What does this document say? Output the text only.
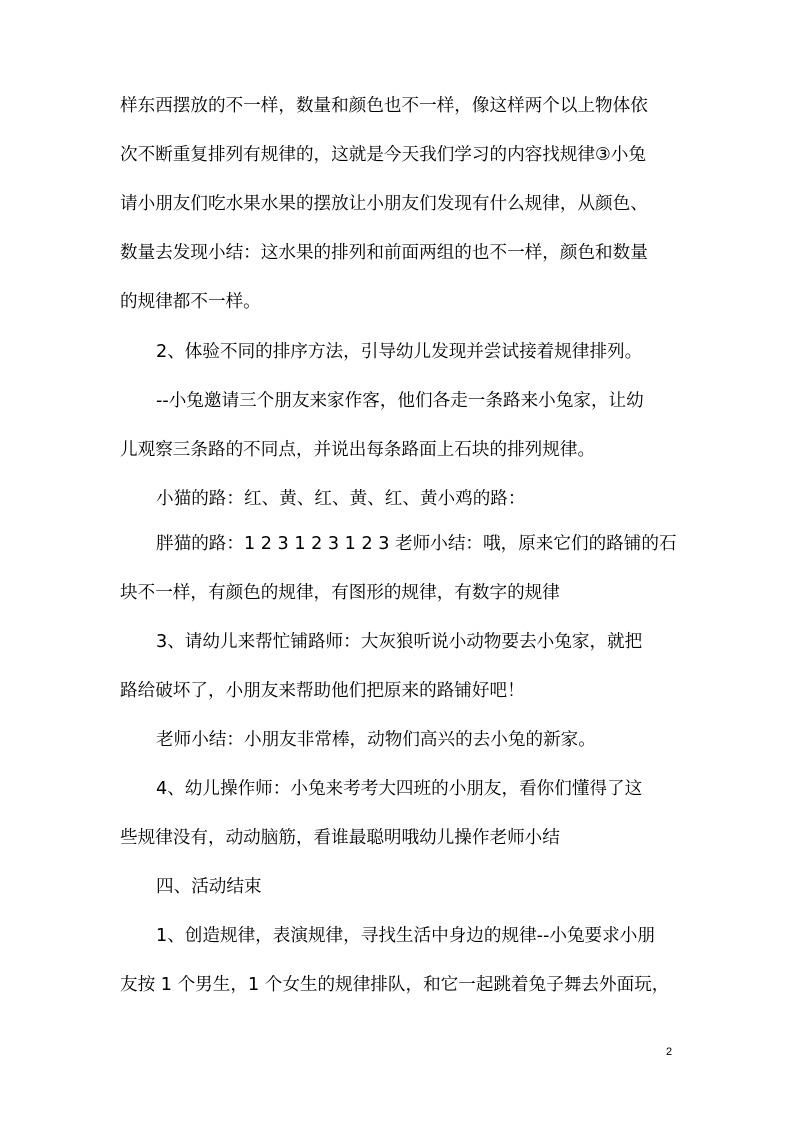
样东西摆放的不一样，数量和颜色也不一样，像这样两个以上物体依
次不断重复排列有规律的，这就是今天我们学习的内容找规律③小兔
请小朋友们吃水果水果的摆放让小朋友们发现有什么规律，从颜色、
数量去发现小结：这水果的排列和前面两组的也不一样，颜色和数量
的规律都不一样。
2、体验不同的排序方法，引导幼儿发现并尝试接着规律排列。
--小兔邀请三个朋友来家作客，他们各走一条路来小兔家，让幼
儿观察三条路的不同点，并说出每条路面上石块的排列规律。
小猫的路：红、黄、红、黄、红、黄小鸡的路：
胖猫的路：1 2 3 1 2 3 1 2 3 老师小结：哦，原来它们的路铺的石
块不一样，有颜色的规律，有图形的规律，有数字的规律
3、请幼儿来帮忙铺路师：大灰狼听说小动物要去小兔家，就把
路给破坏了，小朋友来帮助他们把原来的路铺好吧！
老师小结：小朋友非常棒，动物们高兴的去小兔的新家。
4、幼儿操作师：小兔来考考大四班的小朋友，看你们懂得了这
些规律没有，动动脑筋，看谁最聪明哦幼儿操作老师小结
四、活动结束
1、创造规律，表演规律，寻找生活中身边的规律--小兔要求小朋
友按 1 个男生，1 个女生的规律排队，和它一起跳着兔子舞去外面玩，
2
